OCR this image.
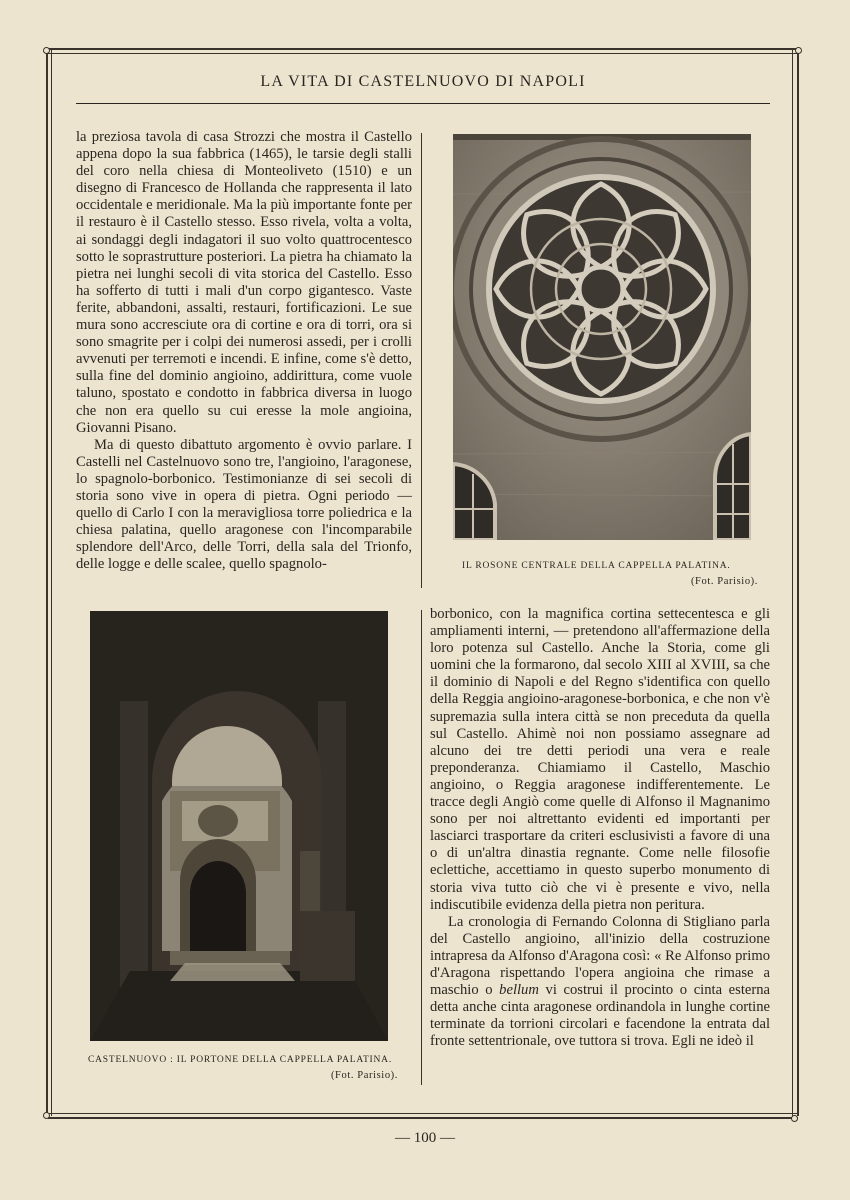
LA VITA DI CASTELNUOVO DI NAPOLI

la preziosa tavola di casa Strozzi che mostra il Castello appena dopo la sua fabbrica (1465), le tarsie degli stalli del coro nella chiesa di Monteoliveto (1510) e un disegno di Francesco de Hollanda che rappresenta il lato occidentale e meridionale. Ma la più importante fonte per il restauro è il Castello stesso. Esso rivela, volta a volta, ai sondaggi degli indagatori il suo volto quattrocentesco sotto le soprastrutture posteriori. La pietra ha chiamato la pietra nei lunghi secoli di vita storica del Castello. Esso ha sofferto di tutti i mali d'un corpo gigantesco. Vaste ferite, abbandoni, assalti, restauri, fortificazioni. Le sue mura sono accresciute ora di cortine e ora di torri, ora si sono smagrite per i colpi dei numerosi assedi, per i crolli avvenuti per terremoti e incendi. E infine, come s'è detto, sulla fine del dominio angioino, addirittura, come vuole taluno, spostato e condotto in fabbrica diversa in luogo che non era quello su cui eresse la mole angioina, Giovanni Pisano.

Ma di questo dibattuto argomento è ovvio parlare. I Castelli nel Castelnuovo sono tre, l'angioino, l'aragonese, lo spagnolo-borbonico. Testimonianze di sei secoli di storia sono vive in opera di pietra. Ogni periodo — quello di Carlo I con la meravigliosa torre poliedrica e la chiesa palatina, quello aragonese con l'incomparabile splendore dell'Arco, delle Torri, della sala del Trionfo, delle logge e delle scalee, quello spagnolo-	IL ROSONE CENTRALE DELLA CAPPELLA PALATINA.
(Fot. Parisio).
CASTELNUOVO : IL PORTONE DELLA CAPPELLA PALATINA.
(Fot. Parisio).

borbonico, con la magnifica cortina settecentesca e gli ampliamenti interni, — pretendono all'affermazione della loro potenza sul Castello. Anche la Storia, come gli uomini che la formarono, dal secolo XIII al XVIII, sa che il dominio di Napoli e del Regno s'identifica con quello della Reggia angioino-aragonese-borbonica, e che non v'è supremazia sulla intera città se non preceduta da quella sul Castello. Ahimè noi non possiamo assegnare ad alcuno dei tre detti periodi una vera e reale preponderanza. Chiamiamo il Castello, Maschio angioino, o Reggia aragonese indifferentemente. Le tracce degli Angiò come quelle di Alfonso il Magnanimo sono per noi altrettanto evidenti ed importanti per lasciarci trasportare da criteri esclusivisti a favore di una o di un'altra dinastia regnante. Come nelle filosofie eclettiche, accettiamo in questo superbo monumento di storia viva tutto ciò che vi è presente e vivo, nella indiscutibile evidenza della pietra non peritura.

La cronologia di Fernando Colonna di Stigliano parla del Castello angioino, all'inizio della costruzione intrapresa da Alfonso d'Aragona così: « Re Alfonso primo d'Aragona rispettando l'opera angioina che rimase a maschio o bellum vi costrui il procinto o cinta esterna detta anche cinta aragonese ordinandola in lunghe cortine terminate da torrioni circolari e facendone la entrata dal fronte settentrionale, ove tuttora si trova. Egli ne ideò il

— 100 —
